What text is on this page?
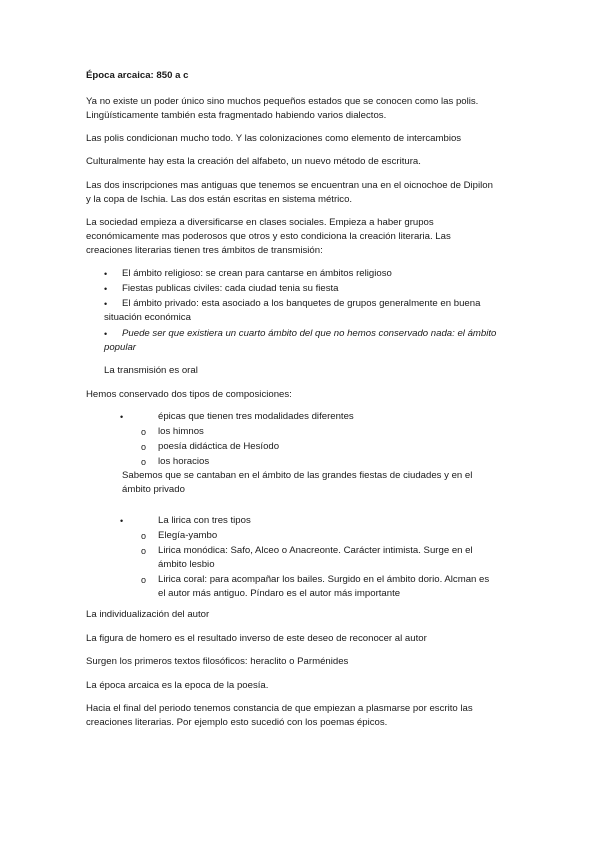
Época arcaica: 850 a c
Ya no existe un poder único sino muchos pequeños estados que se conocen como las polis.
Lingüísticamente también esta fragmentado habiendo varios dialectos.
Las polis condicionan mucho todo. Y las colonizaciones como elemento de intercambios
Culturalmente hay esta la creación del alfabeto, un nuevo método de escritura.
Las dos inscripciones mas antiguas que tenemos se encuentran una en el oicnochoe de Dipilon
y la copa de Ischia. Las dos están escritas en sistema métrico.
La sociedad empieza a diversificarse en clases sociales. Empieza a haber grupos
económicamente mas poderosos que otros y esto condiciona la creación literaria. Las
creaciones literarias tienen tres ámbitos de transmisión:
• El ámbito religioso: se crean para cantarse en ámbitos religioso
• Fiestas publicas civiles: cada ciudad tenia su fiesta
• El ámbito privado: esta asociado a los banquetes de grupos generalmente en buena
situación económica
• Puede ser que existiera un cuarto ámbito del que no hemos conservado nada: el ámbito
popular
La transmisión es oral
Hemos conservado dos tipos de composiciones:
•	épicas que tienen tres modalidades diferentes
o los himnos
o poesía didáctica de Hesíodo
o los horacios
Sabemos que se cantaban en el ámbito de las grandes fiestas de ciudades y en el
ámbito privado
•	La lirica con tres tipos
o Elegía-yambo
o Lirica monódica: Safo, Alceo o Anacreonte. Carácter intimista. Surge en el
ámbito lesbio
o Lirica coral: para acompañar los bailes. Surgido en el ámbito dorio. Alcman es
el autor más antiguo. Píndaro es el autor más importante
La individualización del autor
La figura de homero es el resultado inverso de este deseo de reconocer al autor
Surgen los primeros textos filosóficos: heraclito o Parménides
La época arcaica es la epoca de la poesía.
Hacia el final del periodo tenemos constancia de que empiezan a plasmarse por escrito las
creaciones literarias. Por ejemplo esto sucedió con los poemas épicos.
